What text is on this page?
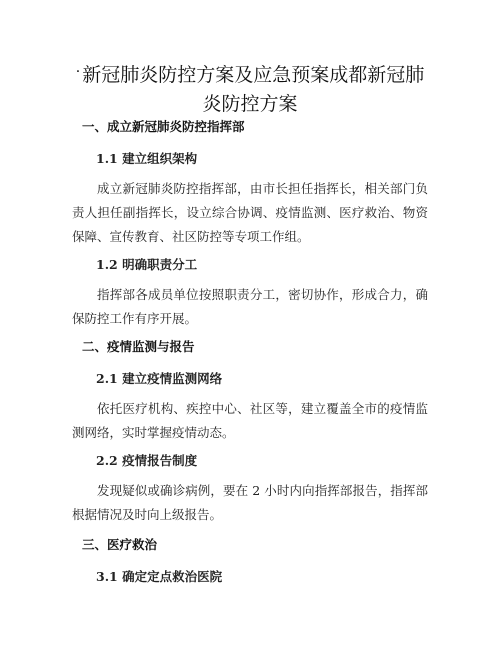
· 新冠肺炎防控方案及应急预案成都新冠肺炎防控方案
一、成立新冠肺炎防控指挥部
1.1 建立组织架构

成立新冠肺炎防控指挥部，由市长担任指挥长，相关部门负责人担任副指挥长，设立综合协调、疫情监测、医疗救治、物资保障、宣传教育、社区防控等专项工作组。

1.2 明确职责分工

指挥部各成员单位按照职责分工，密切协作，形成合力，确保防控工作有序开展。

二、疫情监测与报告
2.1 建立疫情监测网络

依托医疗机构、疾控中心、社区等，建立覆盖全市的疫情监测网络，实时掌握疫情动态。

2.2 疫情报告制度

发现疑似或确诊病例，要在 2 小时内向指挥部报告，指挥部根据情况及时向上级报告。

三、医疗救治
3.1 确定定点救治医院
